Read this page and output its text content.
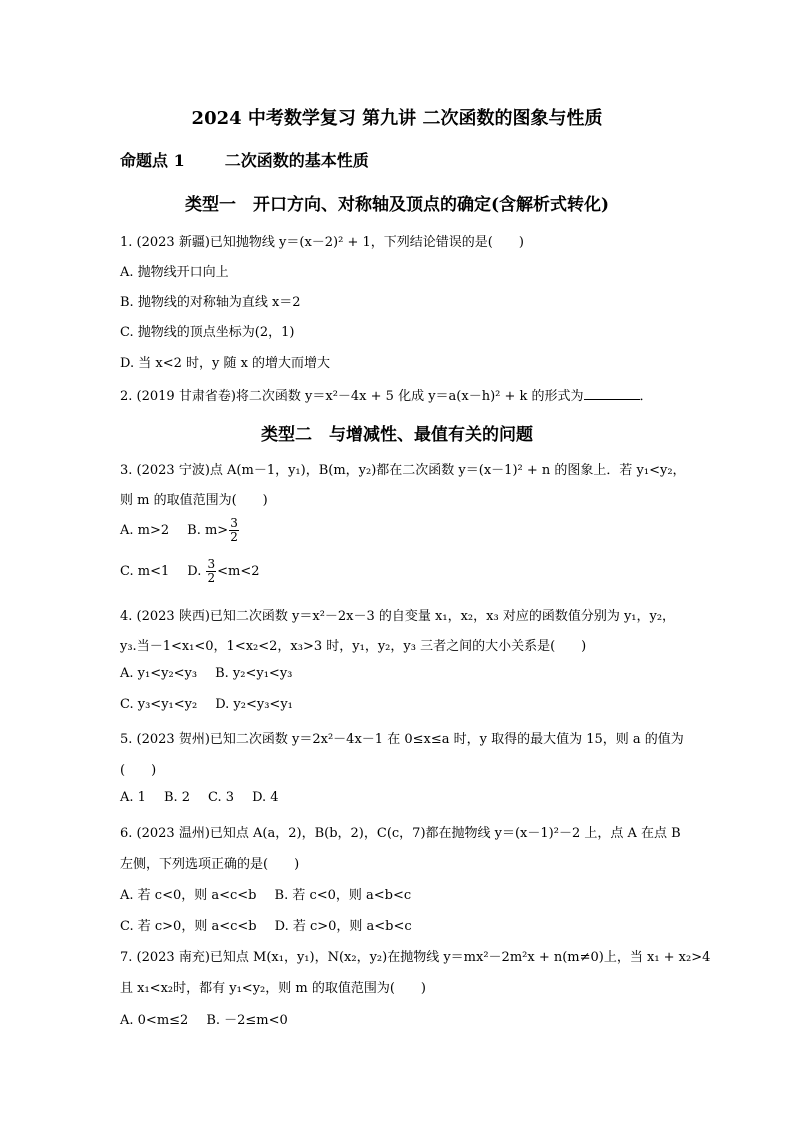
2024 中考数学复习 第九讲 二次函数的图象与性质
命题点 1	二次函数的基本性质
类型一　开口方向、对称轴及顶点的确定(含解析式转化)
1. (2023 新疆)已知抛物线 y＝(x－2)² + 1，下列结论错误的是(　　)
A. 抛物线开口向上
B. 抛物线的对称轴为直线 x＝2
C. 抛物线的顶点坐标为(2，1)
D. 当 x<2 时，y 随 x 的增大而增大
2. (2019 甘肃省卷)将二次函数 y＝x²－4x + 5 化成 y＝a(x－h)² + k 的形式为	．
类型二　与增减性、最值有关的问题
3. (2023 宁波)点 A(m－1，y₁)，B(m，y₂)都在二次函数 y＝(x－1)² + n 的图象上．若 y₁<y₂，
则 m 的取值范围为(　　)
A. m>2 B. $m> \frac{3}{2}$
C. m<1 D. $\frac{3}{2} <m<2$
4. (2023 陕西)已知二次函数 y＝x²－2x－3 的自变量 x₁，x₂，x₃ 对应的函数值分别为 y₁，y₂，
y₃.当－1<x₁<0，1<x₂<2，x₃>3 时，y₁，y₂，y₃ 三者之间的大小关系是(　　)
A. y₁<y₂<y₃ B. y₂<y₁<y₃
C. y₃<y₁<y₂ D. y₂<y₃<y₁
5. (2023 贺州)已知二次函数 y＝2x²－4x－1 在 0≤x≤a 时，y 取得的最大值为 15，则 a 的值为
(　　)
A. 1 B. 2 C. 3 D. 4
6. (2023 温州)已知点 A(a，2)，B(b，2)，C(c，7)都在抛物线 y＝(x－1)²－2 上，点 A 在点 B
左侧，下列选项正确的是(　　)
A. 若 c<0，则 a<c<b B. 若 c<0，则 a<b<c
C. 若 c>0，则 a<c<b D. 若 c>0，则 a<b<c
7. (2023 南充)已知点 M(x₁，y₁)，N(x₂，y₂)在抛物线 y＝mx²－2m²x + n(m≠0)上，当 x₁ + x₂>4
且 x₁<x₂时，都有 y₁<y₂，则 m 的取值范围为(　　)
A. 0<m≤2 B. －2≤m<0
